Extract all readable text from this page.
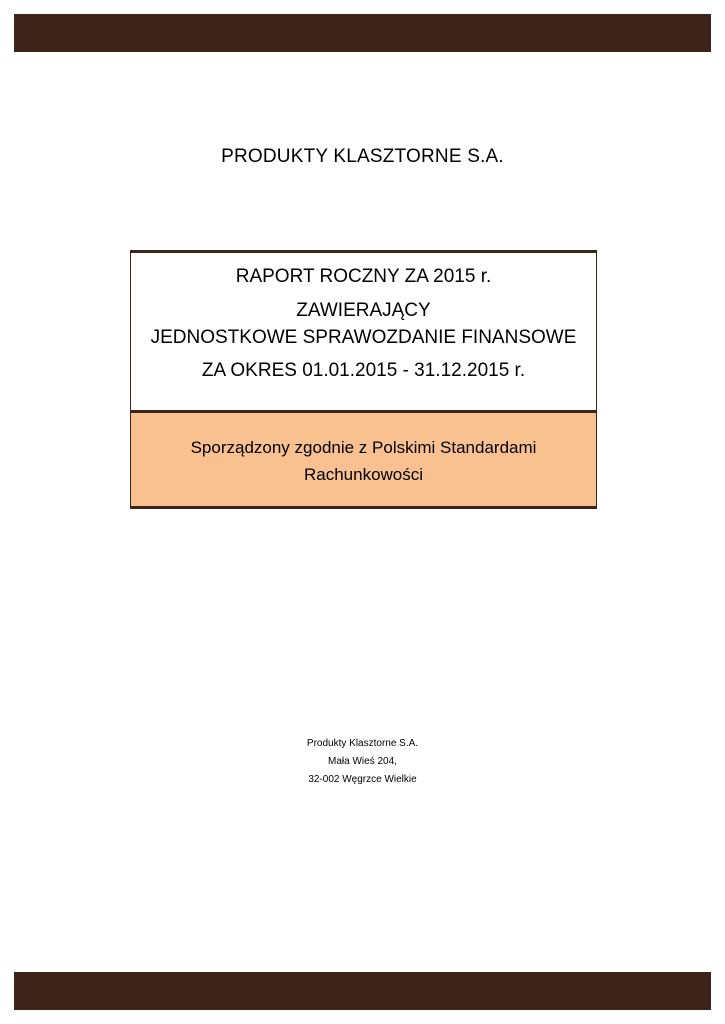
PRODUKTY KLASZTORNE S.A.
RAPORT ROCZNY ZA 2015 r.
ZAWIERAJĄCY
JEDNOSTKOWE SPRAWOZDANIE FINANSOWE
ZA OKRES 01.01.2015 - 31.12.2015 r.
Sporządzony zgodnie z Polskimi Standardami
Rachunkowości
Produkty Klasztorne S.A.
Mała Wieś 204,
32-002 Węgrzce Wielkie
